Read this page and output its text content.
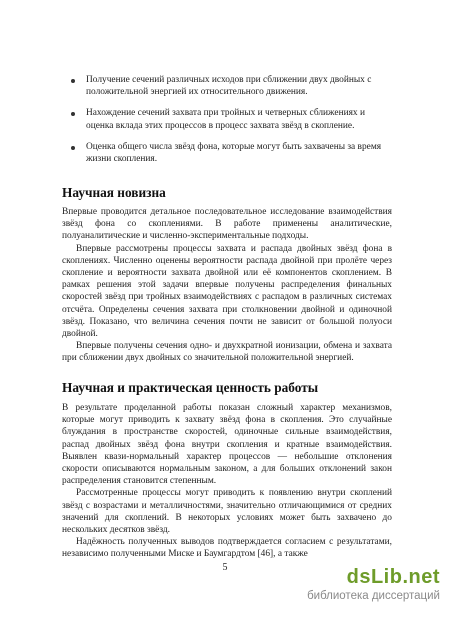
Получение сечений различных исходов при сближении двух двойных с положительной энергией их относительного движения.
Нахождение сечений захвата при тройных и четверных сближениях и оценка вклада этих процессов в процесс захвата звёзд в скопление.
Оценка общего числа звёзд фона, которые могут быть захвачены за время жизни скопления.
Научная новизна

Впервые проводится детальное последовательное исследование взаимодействия звёзд фона со скоплениями. В работе применены аналитические, полуаналитические и численно-экспериментальные подходы.

Впервые рассмотрены процессы захвата и распада двойных звёзд фона в скоплениях. Численно оценены вероятности распада двойной при пролёте через скопление и вероятности захвата двойной или её компонентов скоплением. В рамках решения этой задачи впервые получены распределения финальных скоростей звёзд при тройных взаимодействиях с распадом в различных системах отсчёта. Определены сечения захвата при столкновении двойной и одиночной звёзд. Показано, что величина сечения почти не зависит от большой полуоси двойной.

Впервые получены сечения одно- и двухкратной ионизации, обмена и захвата при сближении двух двойных со значительной положительной энергией.

Научная и практическая ценность работы

В результате проделанной работы показан сложный характер механизмов, которые могут приводить к захвату звёзд фона в скопления. Это случайные блуждания в пространстве скоростей, одиночные сильные взаимодействия, распад двойных звёзд фона внутри скопления и кратные взаимодействия. Выявлен квази-нормальный характер процессов — небольшие отклонения скорости описываются нормальным законом, а для больших отклонений закон распределения становится степенным.

Рассмотренные процессы могут приводить к появлению внутри скоплений звёзд с возрастами и металличностями, значительно отличающимися от средних значений для скоплений. В некоторых условиях может быть захвачено до нескольких десятков звёзд.

Надёжность полученных выводов подтверждается согласием с результатами, независимо полученными Миске и Баумгардтом [46], а также

5	dsLib.net
библиотека диссертаций
